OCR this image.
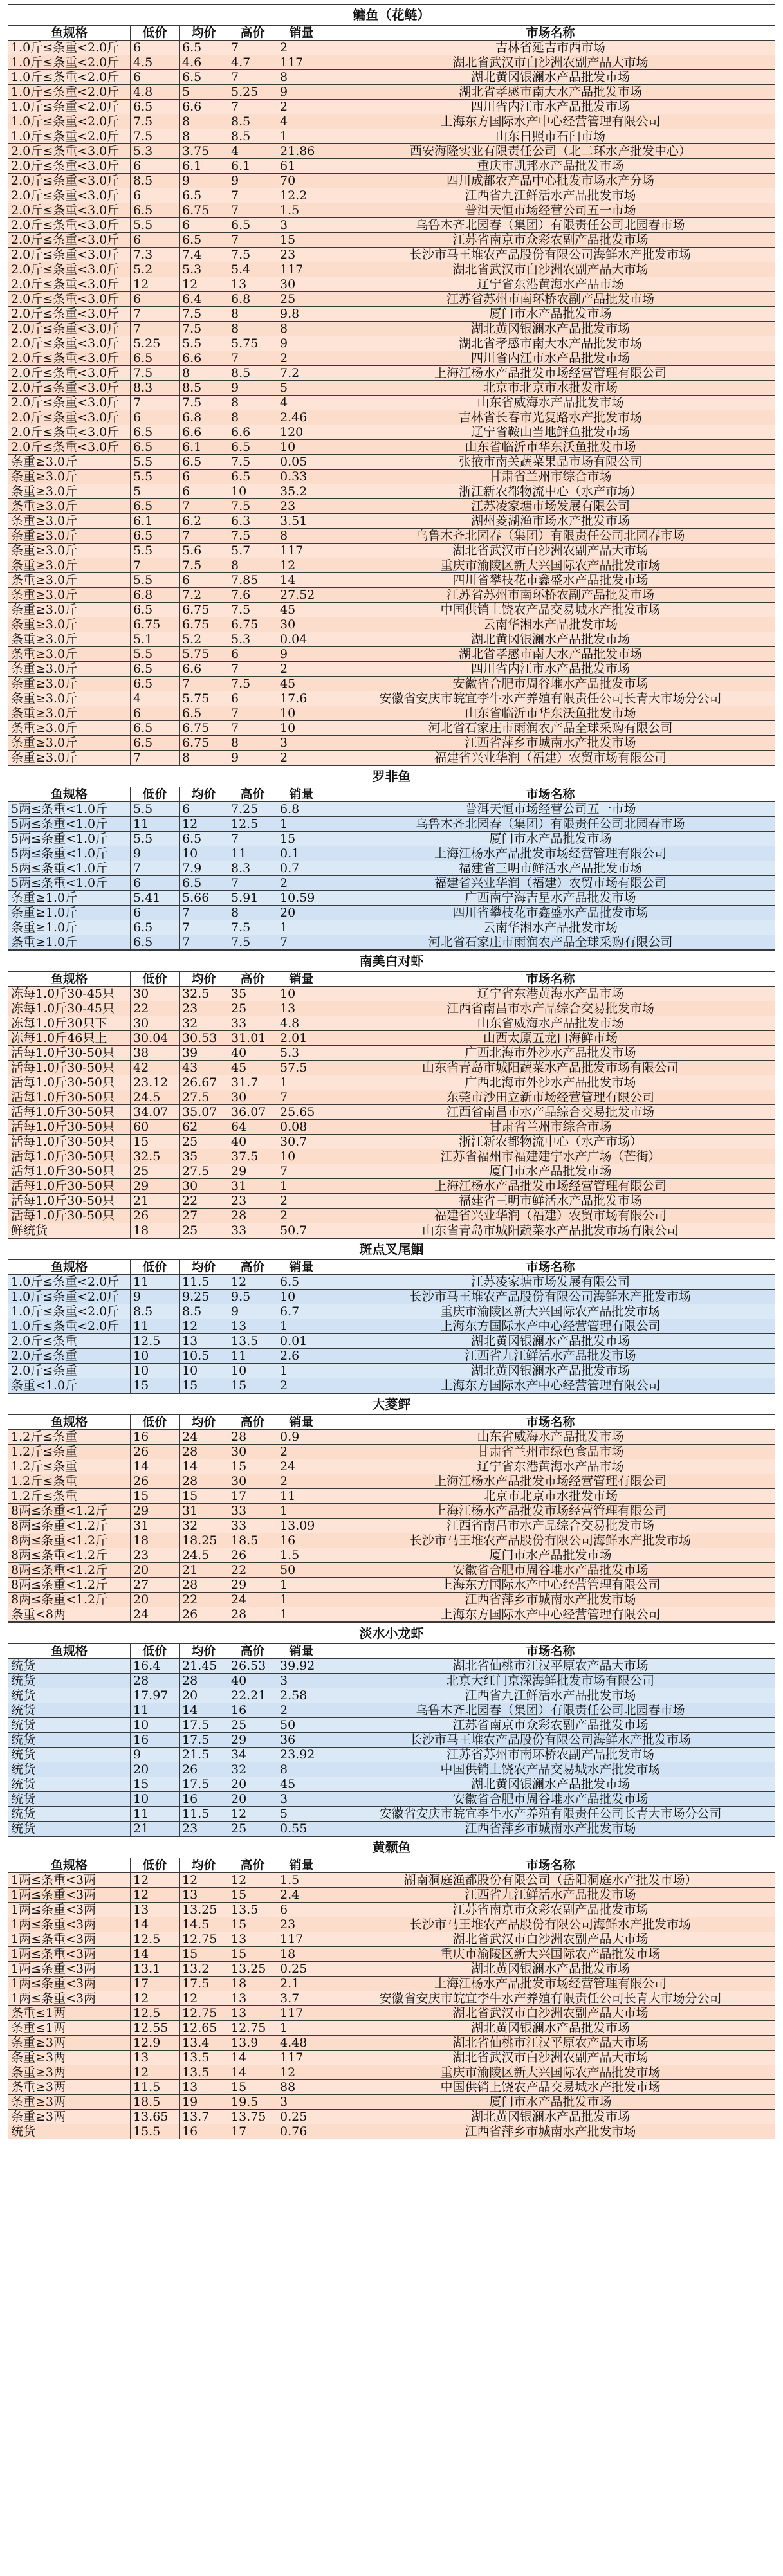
鳙鱼（花鲢）					
鱼规格	低价	均价	高价	销量	市场名称
1.0斤≤条重<2.0斤	6	6.5	7	2	吉林省延吉市西市场
1.0斤≤条重<2.0斤	4.5	4.6	4.7	117	湖北省武汉市白沙洲农副产品大市场
1.0斤≤条重<2.0斤	6	6.5	7	8	湖北黄冈银澜水产品批发市场
1.0斤≤条重<2.0斤	4.8	5	5.25	9	湖北省孝感市南大水产品批发市场
1.0斤≤条重<2.0斤	6.5	6.6	7	2	四川省内江市水产品批发市场
1.0斤≤条重<2.0斤	7.5	8	8.5	4	上海东方国际水产中心经营管理有限公司
1.0斤≤条重<2.0斤	7.5	8	8.5	1	山东日照市石臼市场
2.0斤≤条重<3.0斤	5.3	3.75	4	21.86	西安海隆实业有限责任公司（北二环水产批发中心）
2.0斤≤条重<3.0斤	6	6.1	6.1	61	重庆市凯邦水产品批发市场
2.0斤≤条重<3.0斤	8.5	9	9	70	四川成都农产品中心批发市场水产分场
2.0斤≤条重<3.0斤	6	6.5	7	12.2	江西省九江鲜活水产品批发市场
2.0斤≤条重<3.0斤	6.5	6.75	7	1.5	普洱天恒市场经营公司五一市场
2.0斤≤条重<3.0斤	5.5	6	6.5	3	乌鲁木齐北园春（集团）有限责任公司北园春市场
2.0斤≤条重<3.0斤	6	6.5	7	15	江苏省南京市众彩农副产品批发市场
2.0斤≤条重<3.0斤	7.3	7.4	7.5	23	长沙市马王堆农产品股份有限公司海鲜水产批发市场
2.0斤≤条重<3.0斤	5.2	5.3	5.4	117	湖北省武汉市白沙洲农副产品大市场
2.0斤≤条重<3.0斤	12	12	13	30	辽宁省东港黄海水产品市场
2.0斤≤条重<3.0斤	6	6.4	6.8	25	江苏省苏州市南环桥农副产品批发市场
2.0斤≤条重<3.0斤	7	7.5	8	9.8	厦门市水产品批发市场
2.0斤≤条重<3.0斤	7	7.5	8	8	湖北黄冈银澜水产品批发市场
2.0斤≤条重<3.0斤	5.25	5.5	5.75	9	湖北省孝感市南大水产品批发市场
2.0斤≤条重<3.0斤	6.5	6.6	7	2	四川省内江市水产品批发市场
2.0斤≤条重<3.0斤	7.5	8	8.5	7.2	上海江杨水产品批发市场经营管理有限公司
2.0斤≤条重<3.0斤	8.3	8.5	9	5	北京市北京市水批发市场
2.0斤≤条重<3.0斤	7	7.5	8	4	山东省威海水产品批发市场
2.0斤≤条重<3.0斤	6	6.8	8	2.46	吉林省长春市光复路水产批发市场
2.0斤≤条重<3.0斤	6.5	6.6	6.6	120	辽宁省鞍山当地鲜鱼批发市场
2.0斤≤条重<3.0斤	6.5	6.1	6.5	10	山东省临沂市华东沃鱼批发市场
条重≥3.0斤	5.5	6.5	7.5	0.05	张掖市南关蔬菜果品市场有限公司
条重≥3.0斤	5.5	6	6.5	0.33	甘肃省兰州市综合市场
条重≥3.0斤	5	6	10	35.2	浙江新农都物流中心（水产市场）
条重≥3.0斤	6.5	7	7.5	23	江苏凌家塘市场发展有限公司
条重≥3.0斤	6.1	6.2	6.3	3.51	湖州菱湖渔市场水产批发市场
条重≥3.0斤	6.5	7	7.5	8	乌鲁木齐北园春（集团）有限责任公司北园春市场
条重≥3.0斤	5.5	5.6	5.7	117	湖北省武汉市白沙洲农副产品大市场
条重≥3.0斤	7	7.5	8	12	重庆市渝陵区新大兴国际农产品批发市场
条重≥3.0斤	5.5	6	7.85	14	四川省攀枝花市鑫盛水产品批发市场
条重≥3.0斤	6.8	7.2	7.6	27.52	江苏省苏州市南环桥农副产品批发市场
条重≥3.0斤	6.5	6.75	7.5	45	中国供销上饶农产品交易城水产批发市场
条重≥3.0斤	6.75	6.75	6.75	30	云南华湘水产品批发市场
条重≥3.0斤	5.1	5.2	5.3	0.04	湖北黄冈银澜水产品批发市场
条重≥3.0斤	5.5	5.75	6	9	湖北省孝感市南大水产品批发市场
条重≥3.0斤	6.5	6.6	7	2	四川省内江市水产品批发市场
条重≥3.0斤	6.5	7	7.5	45	安徽省合肥市周谷堆水产品批发市场
条重≥3.0斤	4	5.75	6	17.6	安徽省安庆市皖宜李牛水产养殖有限责任公司长青大市场分公司
条重≥3.0斤	6	6.5	7	10	山东省临沂市华东沃鱼批发市场
条重≥3.0斤	6.5	6.75	7	10	河北省石家庄市雨润农产品全球采购有限公司
条重≥3.0斤	6.5	6.75	8	3	江西省萍乡市城南水产批发市场
条重≥3.0斤	7	8	9	2	福建省兴业华润（福建）农贸市场有限公司
罗非鱼					
鱼规格	低价	均价	高价	销量	市场名称
5两≤条重<1.0斤	5.5	6	7.25	6.8	普洱天恒市场经营公司五一市场
5两≤条重<1.0斤	11	12	12.5	1	乌鲁木齐北园春（集团）有限责任公司北园春市场
5两≤条重<1.0斤	5.5	6.5	7	15	厦门市水产品批发市场
5两≤条重<1.0斤	9	10	11	0.1	上海江杨水产品批发市场经营管理有限公司
5两≤条重<1.0斤	7	7.9	8.3	0.7	福建省三明市鲜活水产品批发市场
5两≤条重<1.0斤	6	6.5	7	2	福建省兴业华润（福建）农贸市场有限公司
条重≥1.0斤	5.41	5.66	5.91	10.59	广西南宁海吉星水产品批发市场
条重≥1.0斤	6	7	8	20	四川省攀枝花市鑫盛水产品批发市场
条重≥1.0斤	6.5	7	7.5	1	云南华湘水产品批发市场
条重≥1.0斤	6.5	7	7.5	7	河北省石家庄市雨润农产品全球采购有限公司
南美白对虾					
鱼规格	低价	均价	高价	销量	市场名称
冻每1.0斤30-45只	30	32.5	35	10	辽宁省东港黄海水产品市场
冻每1.0斤30-45只	22	23	25	13	江西省南昌市水产品综合交易批发市场
冻每1.0斤30只下	30	32	33	4.8	山东省威海水产品批发市场
冻每1.0斤46只上	30.04	30.53	31.01	2.01	山西太原五龙口海鲜市场
活每1.0斤30-50只	38	39	40	5.3	广西北海市外沙水产品批发市场
活每1.0斤30-50只	42	43	45	57.5	山东省青岛市城阳蔬菜水产品批发市场有限公司
活每1.0斤30-50只	23.12	26.67	31.7	1	广西北海市外沙水产品批发市场
活每1.0斤30-50只	24.5	27.5	30	7	东莞市沙田立新市场经营管理有限公司
活每1.0斤30-50只	34.07	35.07	36.07	25.65	江西省南昌市水产品综合交易批发市场
活每1.0斤30-50只	60	62	64	0.08	甘肃省兰州市综合市场
活每1.0斤30-50只	15	25	40	30.7	浙江新农都物流中心（水产市场）
活每1.0斤30-50只	32.5	35	37.5	10	江苏省福州市福建建宁水产广场（芒街）
活每1.0斤30-50只	25	27.5	29	7	厦门市水产品批发市场
活每1.0斤30-50只	29	30	31	1	上海江杨水产品批发市场经营管理有限公司
活每1.0斤30-50只	21	22	23	2	福建省三明市鲜活水产品批发市场
活每1.0斤30-50只	26	27	28	2	福建省兴业华润（福建）农贸市场有限公司
鲜统货	18	25	33	50.7	山东省青岛市城阳蔬菜水产品批发市场有限公司
斑点叉尾鮰					
鱼规格	低价	均价	高价	销量	市场名称
1.0斤≤条重<2.0斤	11	11.5	12	6.5	江苏凌家塘市场发展有限公司
1.0斤≤条重<2.0斤	9	9.25	9.5	10	长沙市马王堆农产品股份有限公司海鲜水产批发市场
1.0斤≤条重<2.0斤	8.5	8.5	9	6.7	重庆市渝陵区新大兴国际农产品批发市场
1.0斤≤条重<2.0斤	11	12	13	1	上海东方国际水产中心经营管理有限公司
2.0斤≤条重	12.5	13	13.5	0.01	湖北黄冈银澜水产品批发市场
2.0斤≤条重	10	10.5	11	2.6	江西省九江鲜活水产品批发市场
2.0斤≤条重	10	10	10	1	湖北黄冈银澜水产品批发市场
条重<1.0斤	15	15	15	2	上海东方国际水产中心经营管理有限公司
大菱鲆					
鱼规格	低价	均价	高价	销量	市场名称
1.2斤≤条重	16	24	28	0.9	山东省威海水产品批发市场
1.2斤≤条重	26	28	30	2	甘肃省兰州市绿色食品市场
1.2斤≤条重	14	14	15	24	辽宁省东港黄海水产品市场
1.2斤≤条重	26	28	30	2	上海江杨水产品批发市场经营管理有限公司
1.2斤≤条重	15	15	17	11	北京市北京市水批发市场
8两≤条重<1.2斤	29	31	33	1	上海江杨水产品批发市场经营管理有限公司
8两≤条重<1.2斤	31	32	33	13.09	江西省南昌市水产品综合交易批发市场
8两≤条重<1.2斤	18	18.25	18.5	16	长沙市马王堆农产品股份有限公司海鲜水产批发市场
8两≤条重<1.2斤	23	24.5	26	1.5	厦门市水产品批发市场
8两≤条重<1.2斤	20	21	22	50	安徽省合肥市周谷堆水产品批发市场
8两≤条重<1.2斤	27	28	29	1	上海东方国际水产中心经营管理有限公司
8两≤条重<1.2斤	20	22	24	1	江西省萍乡市城南水产批发市场
条重<8两	24	26	28	1	上海东方国际水产中心经营管理有限公司
淡水小龙虾					
鱼规格	低价	均价	高价	销量	市场名称
统货	16.4	21.45	26.53	39.92	湖北省仙桃市江汉平原农产品大市场
统货	28	28	40	3	北京大红门京深海鲜批发市场有限公司
统货	17.97	20	22.21	2.58	江西省九江鲜活水产品批发市场
统货	11	14	16	2	乌鲁木齐北园春（集团）有限责任公司北园春市场
统货	10	17.5	25	50	江苏省南京市众彩农副产品批发市场
统货	16	17.5	29	36	长沙市马王堆农产品股份有限公司海鲜水产批发市场
统货	9	21.5	34	23.92	江苏省苏州市南环桥农副产品批发市场
统货	20	26	32	8	中国供销上饶农产品交易城水产批发市场
统货	15	17.5	20	45	湖北黄冈银澜水产品批发市场
统货	10	16	20	3	安徽省合肥市周谷堆水产品批发市场
统货	11	11.5	12	5	安徽省安庆市皖宜李牛水产养殖有限责任公司长青大市场分公司
统货	21	23	25	0.55	江西省萍乡市城南水产批发市场
黄颡鱼					
鱼规格	低价	均价	高价	销量	市场名称
1两≤条重<3两	12	12	12	1.5	湖南洞庭渔都股份有限公司（岳阳洞庭水产批发市场）
1两≤条重<3两	12	13	15	2.4	江西省九江鲜活水产品批发市场
1两≤条重<3两	13	13.25	13.5	6	江苏省南京市众彩农副产品批发市场
1两≤条重<3两	14	14.5	15	23	长沙市马王堆农产品股份有限公司海鲜水产批发市场
1两≤条重<3两	12.5	12.75	13	117	湖北省武汉市白沙洲农副产品大市场
1两≤条重<3两	14	15	15	18	重庆市渝陵区新大兴国际农产品批发市场
1两≤条重<3两	13.1	13.2	13.25	0.25	湖北黄冈银澜水产品批发市场
1两≤条重<3两	17	17.5	18	2.1	上海江杨水产品批发市场经营管理有限公司
1两≤条重<3两	12	12	13	3.7	安徽省安庆市皖宜李牛水产养殖有限责任公司长青大市场分公司
条重≤1两	12.5	12.75	13	117	湖北省武汉市白沙洲农副产品大市场
条重≤1两	12.55	12.65	12.75	1	湖北黄冈银澜水产品批发市场
条重≥3两	12.9	13.4	13.9	4.48	湖北省仙桃市江汉平原农产品大市场
条重≥3两	13	13.5	14	117	湖北省武汉市白沙洲农副产品大市场
条重≥3两	12	13.5	14	12	重庆市渝陵区新大兴国际农产品批发市场
条重≥3两	11.5	13	15	88	中国供销上饶农产品交易城水产批发市场
条重≥3两	18.5	19	19.5	3	厦门市水产品批发市场
条重≥3两	13.65	13.7	13.75	0.25	湖北黄冈银澜水产品批发市场
统货	15.5	16	17	0.76	江西省萍乡市城南水产批发市场
